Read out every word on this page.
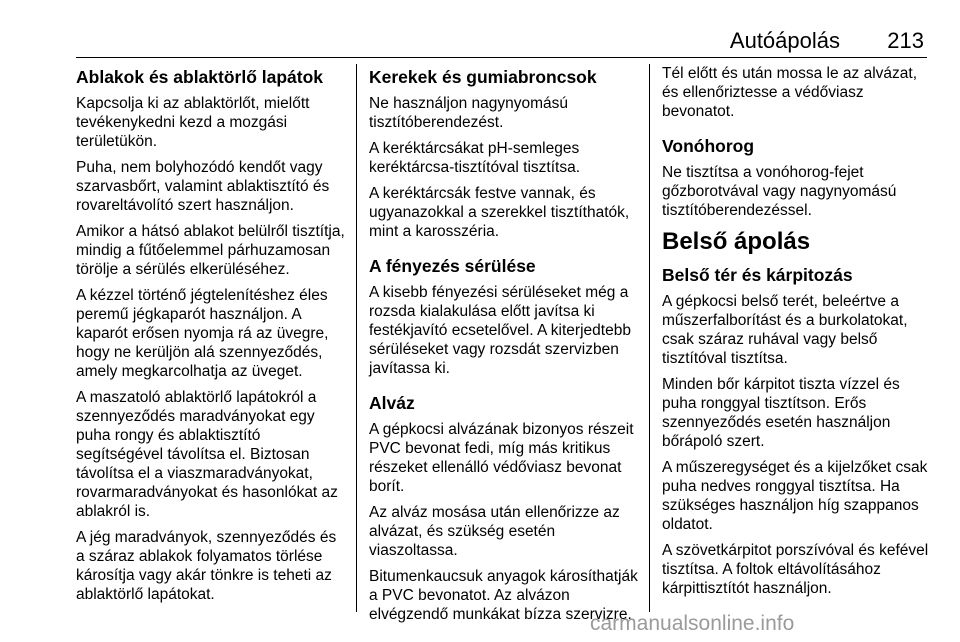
Autóápolás 213
Ablakok és ablaktörlő lapátok

Kapcsolja ki az ablaktörlőt, mielőtt tevékenykedni kezd a mozgási területükön.

Puha, nem bolyhozódó kendőt vagy szarvasbőrt, valamint ablaktisztító és rovareltávolító szert használjon.

Amikor a hátsó ablakot belülről tisztítja, mindig a fűtőelemmel párhuzamosan törölje a sérülés elkerüléséhez.

A kézzel történő jégtelenítéshez éles peremű jégkaparót használjon. A kaparót erősen nyomja rá az üvegre, hogy ne kerüljön alá szennyeződés, amely megkarcolhatja az üveget.

A maszatoló ablaktörlő lapátokról a szennyeződés maradványokat egy puha rongy és ablaktisztító segítségével távolítsa el. Biztosan távolítsa el a viaszmaradványokat, rovarmaradványokat és hasonlókat az ablakról is.

A jég maradványok, szennyeződés és a száraz ablakok folyamatos törlése károsítja vagy akár tönkre is teheti az ablaktörlő lapátokat.

Kerekek és gumiabroncsok

Ne használjon nagynyomású tisztítóberendezést.

A keréktárcsákat pH-semleges keréktárcsa-tisztítóval tisztítsa.

A keréktárcsák festve vannak, és ugyanazokkal a szerekkel tisztíthatók, mint a karosszéria.

A fényezés sérülése

A kisebb fényezési sérüléseket még a rozsda kialakulása előtt javítsa ki festékjavító ecsetelővel. A kiterjedtebb sérüléseket vagy rozsdát szervizben javítassa ki.

Alváz

A gépkocsi alvázának bizonyos részeit PVC bevonat fedi, míg más kritikus részeket ellenálló védőviasz bevonat borít.

Az alváz mosása után ellenőrizze az alvázat, és szükség esetén viaszoltassa.

Bitumenkaucsuk anyagok károsíthatják a PVC bevonatot. Az alvázon elvégzendő munkákat bízza szervizre.

Tél előtt és után mossa le az alvázat, és ellenőriztesse a védőviasz bevonatot.

Vonóhorog

Ne tisztítsa a vonóhorog-fejet gőzborotvával vagy nagynyomású tisztítóberendezéssel.

Belső ápolás
Belső tér és kárpitozás

A gépkocsi belső terét, beleértve a műszerfalborítást és a burkolatokat, csak száraz ruhával vagy belső tisztítóval tisztítsa.

Minden bőr kárpitot tiszta vízzel és puha ronggyal tisztítson. Erős szennyeződés esetén használjon bőrápoló szert.

A műszeregységet és a kijelzőket csak puha nedves ronggyal tisztítsa. Ha szükséges használjon híg szappanos oldatot.

A szövetkárpitot porszívóval és kefével tisztítsa. A foltok eltávolításához kárpittisztítót használjon.

carmanualsonline.info
